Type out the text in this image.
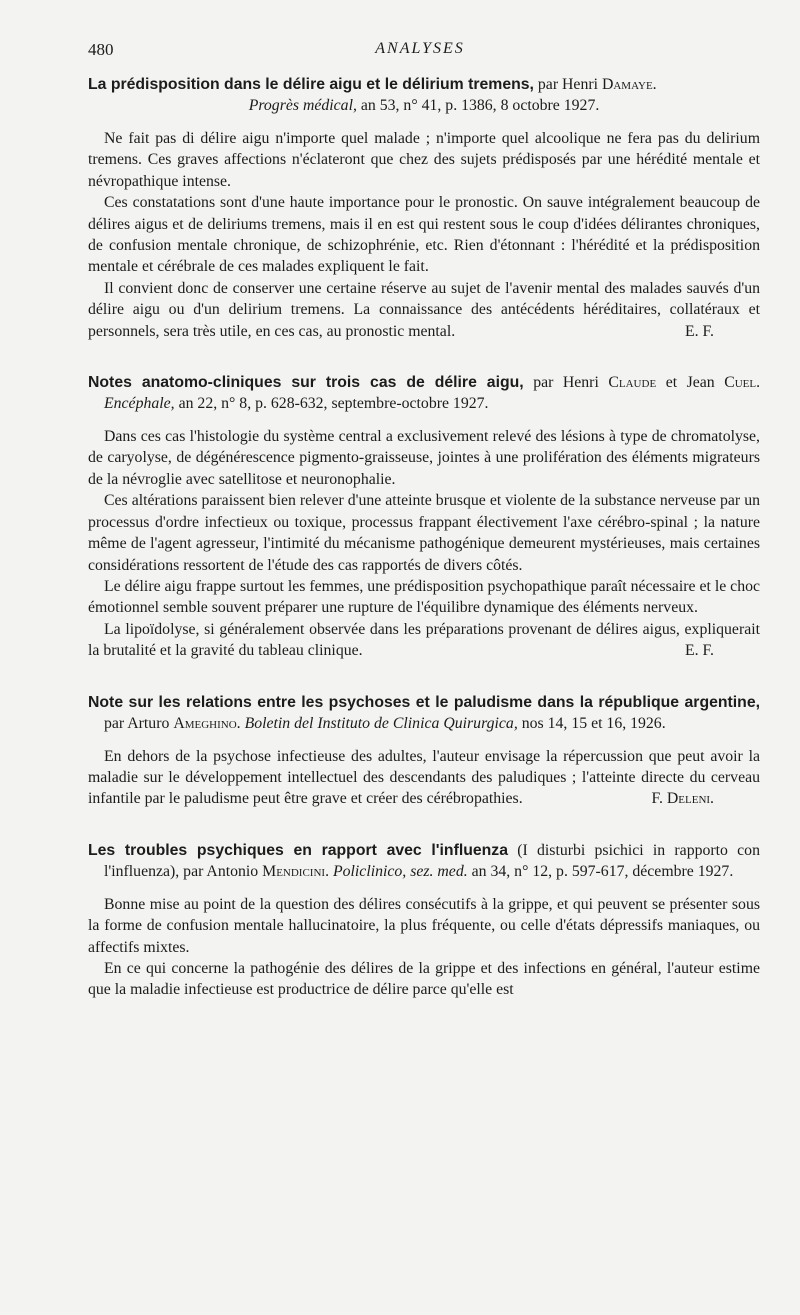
480	ANALYSES
La prédisposition dans le délire aigu et le délirium tremens, par Henri Damaye.
Progrès médical, an 53, n° 41, p. 1386, 8 octobre 1927.

Ne fait pas di délire aigu n'importe quel malade ; n'importe quel alcoolique ne fera pas du delirium tremens. Ces graves affections n'éclateront que chez des sujets prédisposés par une hérédité mentale et névropathique intense.

Ces constatations sont d'une haute importance pour le pronostic. On sauve intégralement beaucoup de délires aigus et de deliriums tremens, mais il en est qui restent sous le coup d'idées délirantes chroniques, de confusion mentale chronique, de schizophrénie, etc. Rien d'étonnant : l'hérédité et la prédisposition mentale et cérébrale de ces malades expliquent le fait.

Il convient donc de conserver une certaine réserve au sujet de l'avenir mental des malades sauvés d'un délire aigu ou d'un delirium tremens. La connaissance des antécédents héréditaires, collatéraux et personnels, sera très utile, en ces cas, au pronostic mental.	E. F.

Notes anatomo-cliniques sur trois cas de délire aigu, par Henri Claude et Jean Cuel. Encéphale, an 22, n° 8, p. 628-632, septembre-octobre 1927.

Dans ces cas l'histologie du système central a exclusivement relevé des lésions à type de chromatolyse, de caryolyse, de dégénérescence pigmento-graisseuse, jointes à une prolifération des éléments migrateurs de la névroglie avec satellitose et neuronophalie.

Ces altérations paraissent bien relever d'une atteinte brusque et violente de la substance nerveuse par un processus d'ordre infectieux ou toxique, processus frappant électivement l'axe cérébro-spinal ; la nature même de l'agent agresseur, l'intimité du mécanisme pathogénique demeurent mystérieuses, mais certaines considérations ressortent de l'étude des cas rapportés de divers côtés.

Le délire aigu frappe surtout les femmes, une prédisposition psychopathique paraît nécessaire et le choc émotionnel semble souvent préparer une rupture de l'équilibre dynamique des éléments nerveux.

La lipoïdolyse, si généralement observée dans les préparations provenant de délires aigus, expliquerait la brutalité et la gravité du tableau clinique.	E. F.

Note sur les relations entre les psychoses et le paludisme dans la république argentine, par Arturo Ameghino. Boletin del Instituto de Clinica Quirurgica, nos 14, 15 et 16, 1926.

En dehors de la psychose infectieuse des adultes, l'auteur envisage la répercussion que peut avoir la maladie sur le développement intellectuel des descendants des paludiques ; l'atteinte directe du cerveau infantile par le paludisme peut être grave et créer des cérébropathies.	F. Deleni.

Les troubles psychiques en rapport avec l'influenza (I disturbi psichici in rapporto con l'influenza), par Antonio Mendicini. Policlinico, sez. med. an 34, n° 12, p. 597-617, décembre 1927.

Bonne mise au point de la question des délires consécutifs à la grippe, et qui peuvent se présenter sous la forme de confusion mentale hallucinatoire, la plus fréquente, ou celle d'états dépressifs maniaques, ou affectifs mixtes.

En ce qui concerne la pathogénie des délires de la grippe et des infections en général, l'auteur estime que la maladie infectieuse est productrice de délire parce qu'elle est
